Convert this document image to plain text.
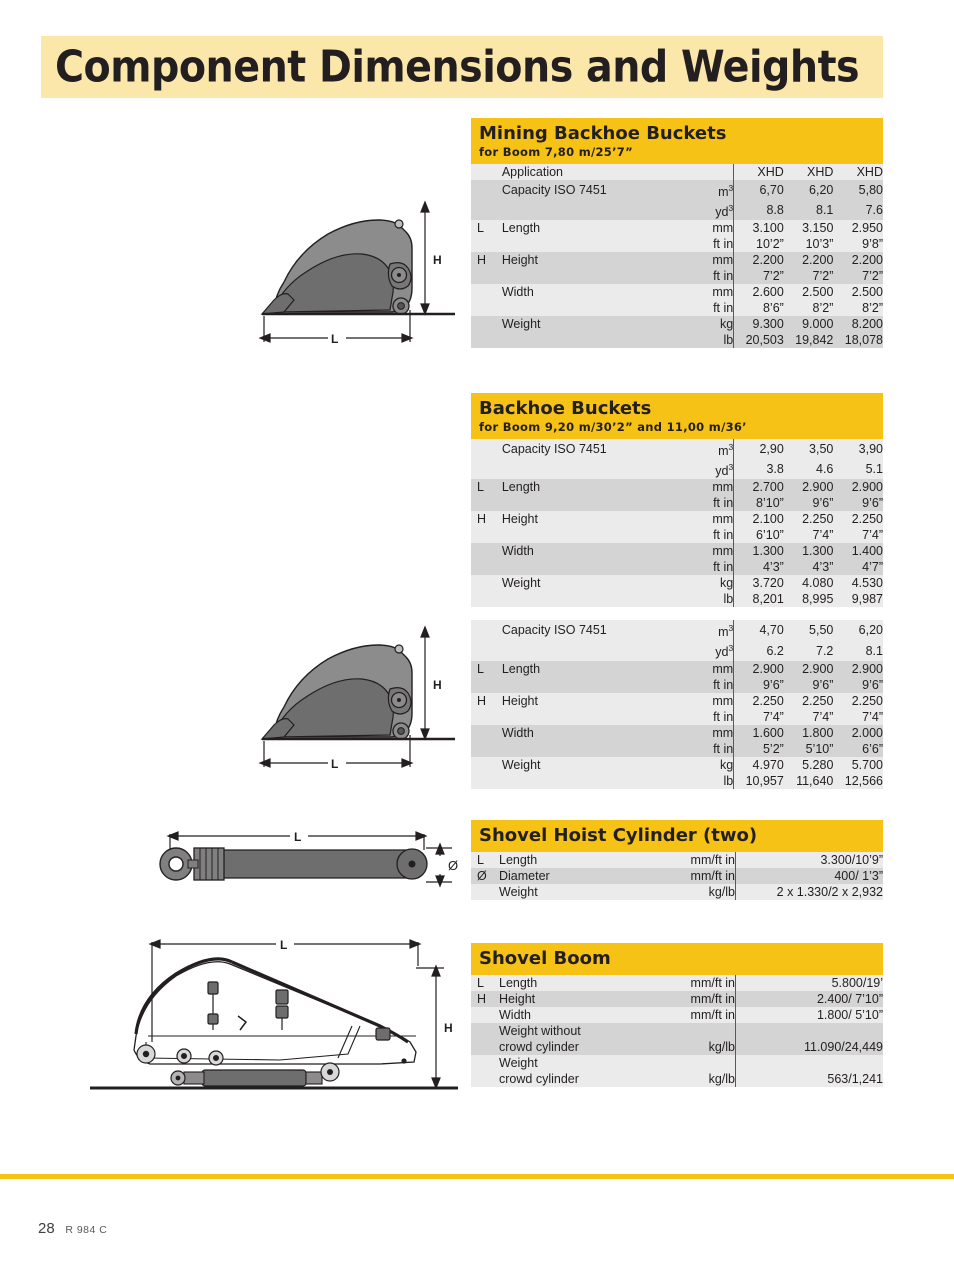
Component Dimensions and Weights
H
L
Mining Backhoe Buckets
for Boom 7,80 m/25’7”
	Application		XHD	XHD	XHD
	Capacity ISO 7451	$m^3$	6,70	6,20	5,80
		$yd^3$	8.8	8.1	7.6
L	Length	mm	3.100	3.150	2.950
		ft in	10’2”	10’3”	9’8”
H	Height	mm	2.200	2.200	2.200
		ft in	7’2”	7’2”	7’2”
	Width	mm	2.600	2.500	2.500
		ft in	8’6”	8’2”	8’2”
	Weight	kg	9.300	9.000	8.200
		lb	20,503	19,842	18,078
H
L
Backhoe Buckets
for Boom 9,20 m/30’2” and 11,00 m/36’
	Capacity ISO 7451	$m^3$	2,90	3,50	3,90
		$yd^3$	3.8	4.6	5.1
L	Length	mm	2.700	2.900	2.900
		ft in	8’10”	9’6”	9’6”
H	Height	mm	2.100	2.250	2.250
		ft in	6’10”	7’4”	7’4”
	Width	mm	1.300	1.300	1.400
		ft in	4’3”	4’3”	4’7”
	Weight	kg	3.720	4.080	4.530
		lb	8,201	8,995	9,987
	Capacity ISO 7451	$m^3$	4,70	5,50	6,20
		$yd^3$	6.2	7.2	8.1
L	Length	mm	2.900	2.900	2.900
		ft in	9’6”	9’6”	9’6”
H	Height	mm	2.250	2.250	2.250
		ft in	7’4”	7’4”	7’4”
	Width	mm	1.600	1.800	2.000
		ft in	5’2”	5’10”	6’6”
	Weight	kg	4.970	5.280	5.700
		lb	10,957	11,640	12,566
L
Ø
Shovel Hoist Cylinder (two)
L	Length	mm/ft in	3.300/10’9”
Ø	Diameter	mm/ft in	400/ 1’3”
	Weight	kg/lb	2 x 1.330/2 x 2,932
L
H
Shovel Boom
L	Length	mm/ft in	5.800/19’
H	Height	mm/ft in	2.400/ 7’10”
	Width	mm/ft in	1.800/ 5’10”
	Weight without		
	crowd cylinder	kg/lb	11.090/24,449
	Weight		
	crowd cylinder	kg/lb	563/1,241
28 R 984 C
